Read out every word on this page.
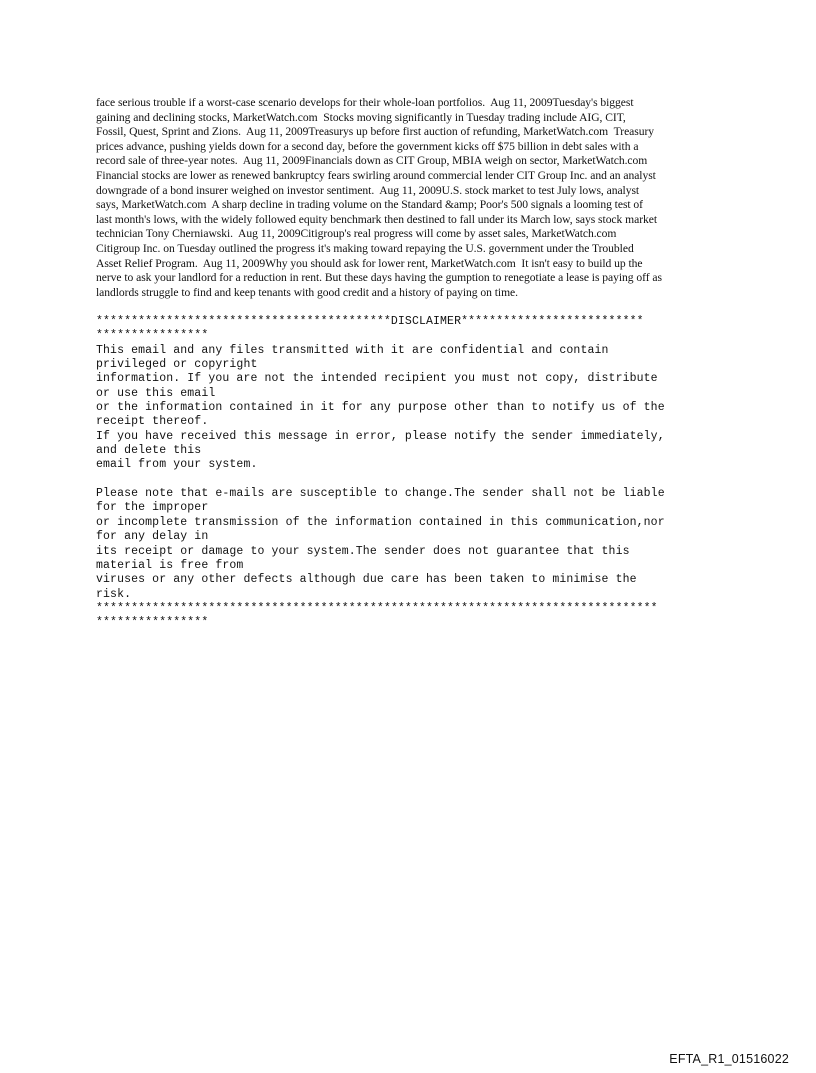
face serious trouble if a worst-case scenario develops for their whole-loan portfolios.  Aug 11, 2009Tuesday's biggest
gaining and declining stocks, MarketWatch.com  Stocks moving significantly in Tuesday trading include AIG, CIT,
Fossil, Quest, Sprint and Zions.  Aug 11, 2009Treasurys up before first auction of refunding, MarketWatch.com  Treasury
prices advance, pushing yields down for a second day, before the government kicks off $75 billion in debt sales with a
record sale of three-year notes.  Aug 11, 2009Financials down as CIT Group, MBIA weigh on sector, MarketWatch.com
Financial stocks are lower as renewed bankruptcy fears swirling around commercial lender CIT Group Inc. and an analyst
downgrade of a bond insurer weighed on investor sentiment.  Aug 11, 2009U.S. stock market to test July lows, analyst
says, MarketWatch.com  A sharp decline in trading volume on the Standard &amp; Poor's 500 signals a looming test of
last month's lows, with the widely followed equity benchmark then destined to fall under its March low, says stock market
technician Tony Cherniawski.  Aug 11, 2009Citigroup's real progress will come by asset sales, MarketWatch.com
Citigroup Inc. on Tuesday outlined the progress it's making toward repaying the U.S. government under the Troubled
Asset Relief Program.  Aug 11, 2009Why you should ask for lower rent, MarketWatch.com  It isn't easy to build up the
nerve to ask your landlord for a reduction in rent. But these days having the gumption to renegotiate a lease is paying off as
landlords struggle to find and keep tenants with good credit and a history of paying on time.
******************************************DISCLAIMER**************************
****************
This email and any files transmitted with it are confidential and contain
privileged or copyright
information. If you are not the intended recipient you must not copy, distribute
or use this email
or the information contained in it for any purpose other than to notify us of the
receipt thereof.
If you have received this message in error, please notify the sender immediately,
and delete this
email from your system.
Please note that e-mails are susceptible to change.The sender shall not be liable
for the improper
or incomplete transmission of the information contained in this communication,nor
for any delay in
its receipt or damage to your system.The sender does not guarantee that this
material is free from
viruses or any other defects although due care has been taken to minimise the
risk.
********************************************************************************
****************
EFTA_R1_01516022
